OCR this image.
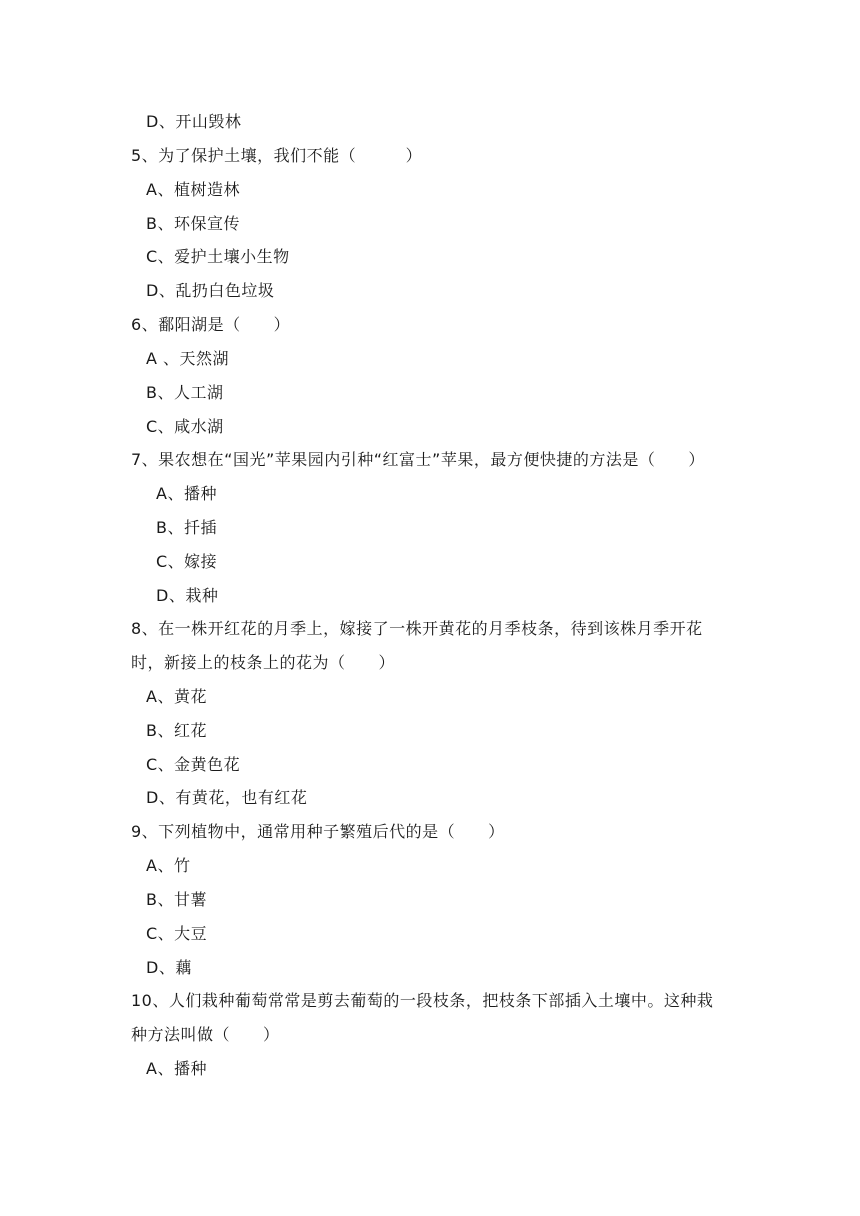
D、开山毁林
5、为了保护土壤，我们不能（　　　）
A、植树造林
B、环保宣传
C、爱护土壤小生物
D、乱扔白色垃圾
6、鄱阳湖是（　　）
A 、天然湖
B、人工湖
C、咸水湖
7、果农想在“国光”苹果园内引种“红富士”苹果，最方便快捷的方法是（　　）
A、播种
B、扦插
C、嫁接
D、栽种
8、在一株开红花的月季上，嫁接了一株开黄花的月季枝条，待到该株月季开花
时，新接上的枝条上的花为（　　）
A、黄花
B、红花
C、金黄色花
D、有黄花，也有红花
9、下列植物中，通常用种子繁殖后代的是（　　）
A、竹
B、甘薯
C、大豆
D、藕
10、人们栽种葡萄常常是剪去葡萄的一段枝条，把枝条下部插入土壤中。这种栽
种方法叫做（　　）
A、播种
